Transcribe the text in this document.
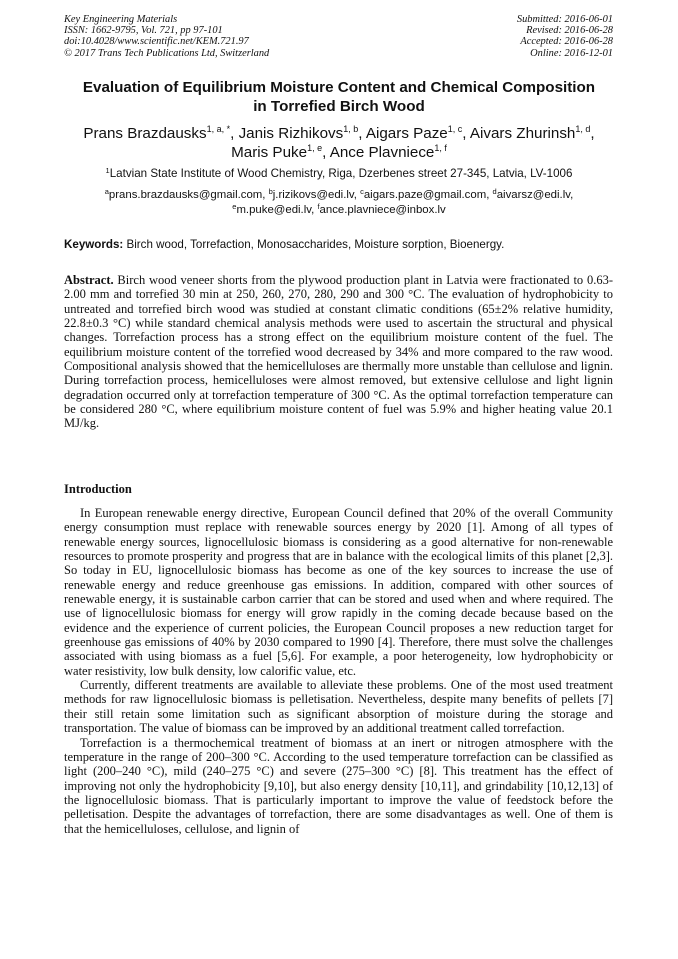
Key Engineering Materials
ISSN: 1662-9795, Vol. 721, pp 97-101
doi:10.4028/www.scientific.net/KEM.721.97
© 2017 Trans Tech Publications Ltd, Switzerland
Submitted: 2016-06-01
Revised: 2016-06-28
Accepted: 2016-06-28
Online: 2016-12-01
Evaluation of Equilibrium Moisture Content and Chemical Composition
in Torrefied Birch Wood
Prans Brazdausks$^{1, a, *}$, Janis Rizhikovs$^{1, b}$, Aigars Paze$^{1, c}$, Aivars Zhurinsh$^{1, d}$,
Maris Puke$^{1, e}$, Ance Plavniece$^{1, f}$
$^1$Latvian State Institute of Wood Chemistry, Riga, Dzerbenes street 27-345, Latvia, LV-1006
$^a$prans.brazdausks@gmail.com, $^b$j.rizikovs@edi.lv, $^c$aigars.paze@gmail.com, $^d$aivarsz@edi.lv,
$^e$m.puke@edi.lv, $^f$ance.plavniece@inbox.lv
Keywords: Birch wood, Torrefaction, Monosaccharides, Moisture sorption, Bioenergy.
Abstract. Birch wood veneer shorts from the plywood production plant in Latvia were fractionated to 0.63-2.00 mm and torrefied 30 min at 250, 260, 270, 280, 290 and 300 °C. The evaluation of hydrophobicity to untreated and torrefied birch wood was studied at constant climatic conditions (65±2% relative humidity, 22.8±0.3 °C) while standard chemical analysis methods were used to ascertain the structural and physical changes. Torrefaction process has a strong effect on the equilibrium moisture content of the fuel. The equilibrium moisture content of the torrefied wood decreased by 34% and more compared to the raw wood. Compositional analysis showed that the hemicelluloses are thermally more unstable than cellulose and lignin. During torrefaction process, hemicelluloses were almost removed, but extensive cellulose and light lignin degradation occurred only at torrefaction temperature of 300 °C. As the optimal torrefaction temperature can be considered 280 °C, where equilibrium moisture content of fuel was 5.9% and higher heating value 20.1 MJ/kg.
Introduction

In European renewable energy directive, European Council defined that 20% of the overall Community energy consumption must replace with renewable sources energy by 2020 [1]. Among of all types of renewable energy sources, lignocellulosic biomass is considering as a good alternative for non-renewable resources to promote prosperity and progress that are in balance with the ecological limits of this planet [2,3]. So today in EU, lignocellulosic biomass has become as one of the key sources to increase the use of renewable energy and reduce greenhouse gas emissions. In addition, compared with other sources of renewable energy, it is sustainable carbon carrier that can be stored and used when and where required. The use of lignocellulosic biomass for energy will grow rapidly in the coming decade because based on the evidence and the experience of current policies, the European Council proposes a new reduction target for greenhouse gas emissions of 40% by 2030 compared to 1990 [4]. Therefore, there must solve the challenges associated with using biomass as a fuel [5,6]. For example, a poor heterogeneity, low hydrophobicity or water resistivity, low bulk density, low calorific value, etc.

Currently, different treatments are available to alleviate these problems. One of the most used treatment methods for raw lignocellulosic biomass is pelletisation. Nevertheless, despite many benefits of pellets [7] their still retain some limitation such as significant absorption of moisture during the storage and transportation. The value of biomass can be improved by an additional treatment called torrefaction.

Torrefaction is a thermochemical treatment of biomass at an inert or nitrogen atmosphere with the temperature in the range of 200–300 °C. According to the used temperature torrefaction can be classified as light (200–240 °C), mild (240–275 °C) and severe (275–300 °C) [8]. This treatment has the effect of improving not only the hydrophobicity [9,10], but also energy density [10,11], and grindability [10,12,13] of the lignocellulosic biomass. That is particularly important to improve the value of feedstock before the pelletisation. Despite the advantages of torrefaction, there are some disadvantages as well. One of them is that the hemicelluloses, cellulose, and lignin of
